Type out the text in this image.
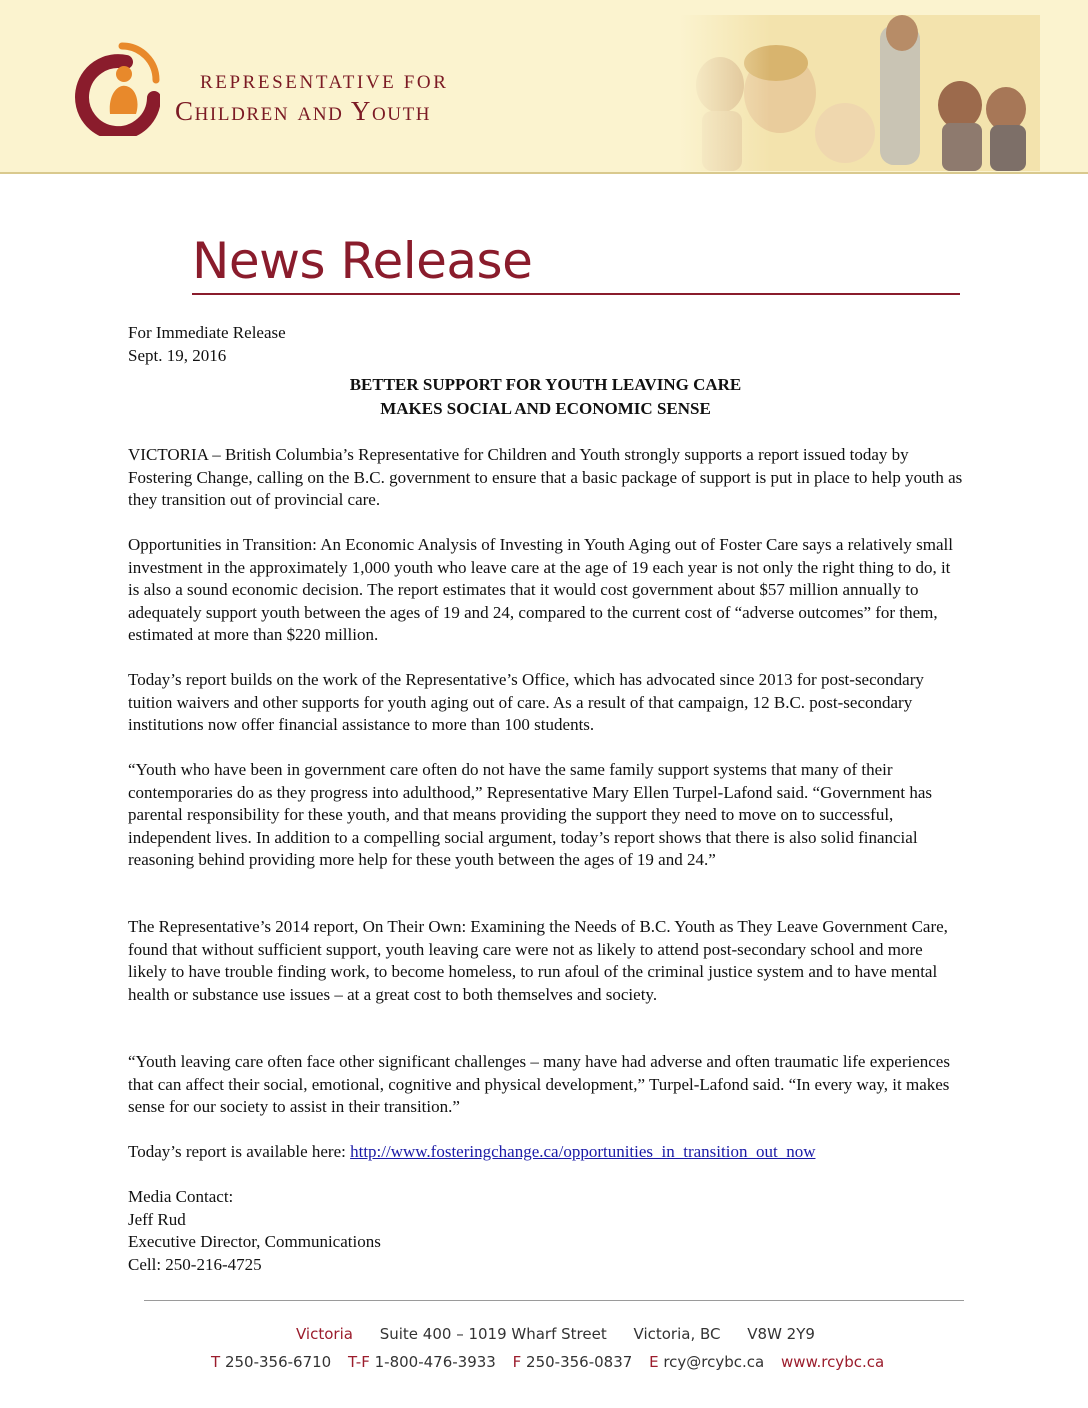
REPRESENTATIVE FOR
Children and Youth
News Release
For Immediate Release
Sept. 19, 2016
BETTER SUPPORT FOR YOUTH LEAVING CARE
MAKES SOCIAL AND ECONOMIC SENSE

VICTORIA – British Columbia’s Representative for Children and Youth strongly supports a report issued today by Fostering Change, calling on the B.C. government to ensure that a basic package of support is put in place to help youth as they transition out of provincial care.

Opportunities in Transition: An Economic Analysis of Investing in Youth Aging out of Foster Care says a relatively small investment in the approximately 1,000 youth who leave care at the age of 19 each year is not only the right thing to do, it is also a sound economic decision. The report estimates that it would cost government about $57 million annually to adequately support youth between the ages of 19 and 24, compared to the current cost of “adverse outcomes” for them, estimated at more than $220 million.

Today’s report builds on the work of the Representative’s Office, which has advocated since 2013 for post-secondary tuition waivers and other supports for youth aging out of care. As a result of that campaign, 12 B.C. post-secondary institutions now offer financial assistance to more than 100 students.

“Youth who have been in government care often do not have the same family support systems that many of their contemporaries do as they progress into adulthood,” Representative Mary Ellen Turpel-Lafond said. “Government has parental responsibility for these youth, and that means providing the support they need to move on to successful, independent lives. In addition to a compelling social argument, today’s report shows that there is also solid financial reasoning behind providing more help for these youth between the ages of 19 and 24.”

The Representative’s 2014 report, On Their Own: Examining the Needs of B.C. Youth as They Leave Government Care, found that without sufficient support, youth leaving care were not as likely to attend post-secondary school and more likely to have trouble finding work, to become homeless, to run afoul of the criminal justice system and to have mental health or substance use issues – at a great cost to both themselves and society.

“Youth leaving care often face other significant challenges – many have had adverse and often traumatic life experiences that can affect their social, emotional, cognitive and physical development,” Turpel-Lafond said. “In every way, it makes sense for our society to assist in their transition.”

Today’s report is available here: http://www.fosteringchange.ca/opportunities_in_transition_out_now
Media Contact:
Jeff Rud
Executive Director, Communications
Cell: 250-216-4725
Victoria Suite 400 – 1019 Wharf Street Victoria, BC V8W 2Y9
T 250-356-6710 T-F 1-800-476-3933 F 250-356-0837 E rcy@rcybc.ca www.rcybc.ca
